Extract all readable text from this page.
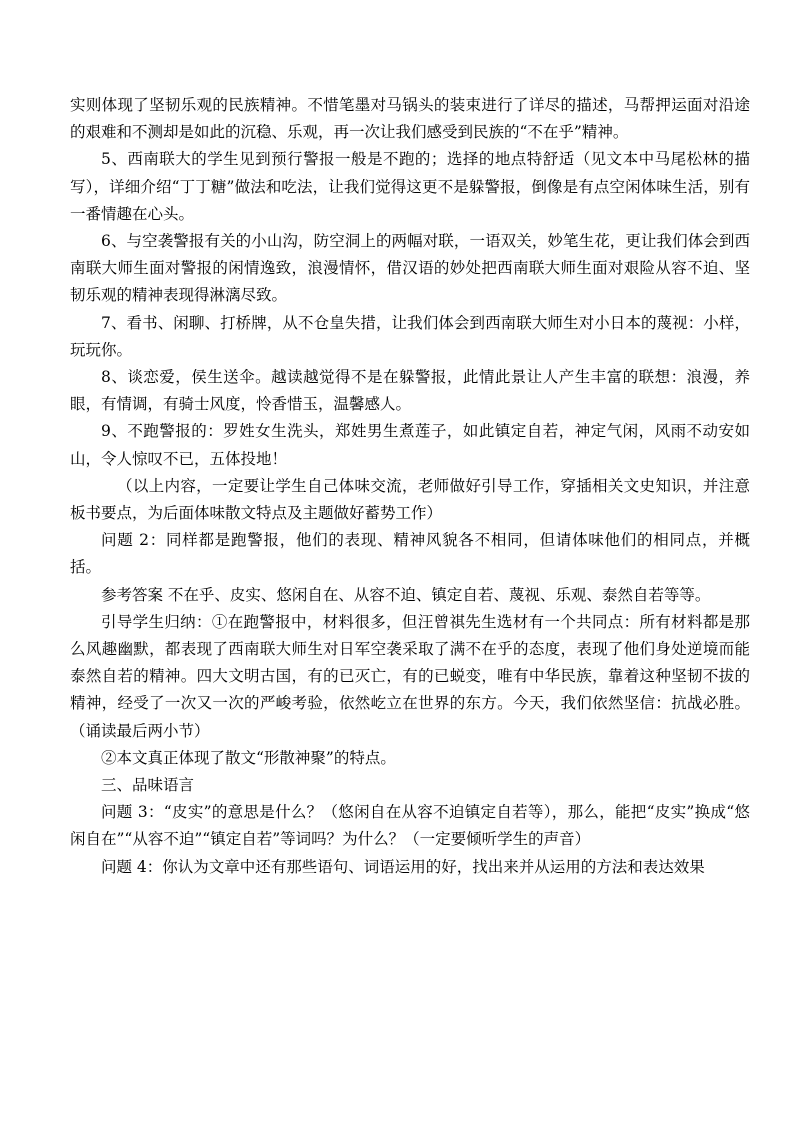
实则体现了坚韧乐观的民族精神。不惜笔墨对马锅头的装束进行了详尽的描述，马帮押运面对沿途的艰难和不测却是如此的沉稳、乐观，再一次让我们感受到民族的“不在乎”精神。

5、西南联大的学生见到预行警报一般是不跑的；选择的地点特舒适（见文本中马尾松林的描写），详细介绍“丁丁糖”做法和吃法，让我们觉得这更不是躲警报，倒像是有点空闲体味生活，别有一番情趣在心头。

6、与空袭警报有关的小山沟，防空洞上的两幅对联，一语双关，妙笔生花，更让我们体会到西南联大师生面对警报的闲情逸致，浪漫情怀，借汉语的妙处把西南联大师生面对艰险从容不迫、坚韧乐观的精神表现得淋漓尽致。

7、看书、闲聊、打桥牌，从不仓皇失措，让我们体会到西南联大师生对小日本的蔑视：小样，玩玩你。

8、谈恋爱，侯生送伞。越读越觉得不是在躲警报，此情此景让人产生丰富的联想：浪漫，养眼，有情调，有骑士风度，怜香惜玉，温馨感人。

9、不跑警报的：罗姓女生洗头，郑姓男生煮莲子，如此镇定自若，神定气闲，风雨不动安如山，令人惊叹不已，五体投地！

（以上内容，一定要让学生自己体味交流，老师做好引导工作，穿插相关文史知识，并注意板书要点，为后面体味散文特点及主题做好蓄势工作）

问题 2：同样都是跑警报，他们的表现、精神风貌各不相同，但请体味他们的相同点，并概括。

参考答案 不在乎、皮实、悠闲自在、从容不迫、镇定自若、蔑视、乐观、泰然自若等等。

引导学生归纳：①在跑警报中，材料很多，但汪曾祺先生选材有一个共同点：所有材料都是那么风趣幽默，都表现了西南联大师生对日军空袭采取了满不在乎的态度，表现了他们身处逆境而能泰然自若的精神。四大文明古国，有的已灭亡，有的已蜕变，唯有中华民族，靠着这种坚韧不拔的精神，经受了一次又一次的严峻考验，依然屹立在世界的东方。今天，我们依然坚信：抗战必胜。（诵读最后两小节）

②本文真正体现了散文“形散神聚”的特点。

三、品味语言

问题 3：“皮实”的意思是什么？（悠闲自在从容不迫镇定自若等），那么，能把“皮实”换成“悠闲自在”“从容不迫”“镇定自若”等词吗？为什么？（一定要倾听学生的声音）

问题 4：你认为文章中还有那些语句、词语运用的好，找出来并从运用的方法和表达效果
